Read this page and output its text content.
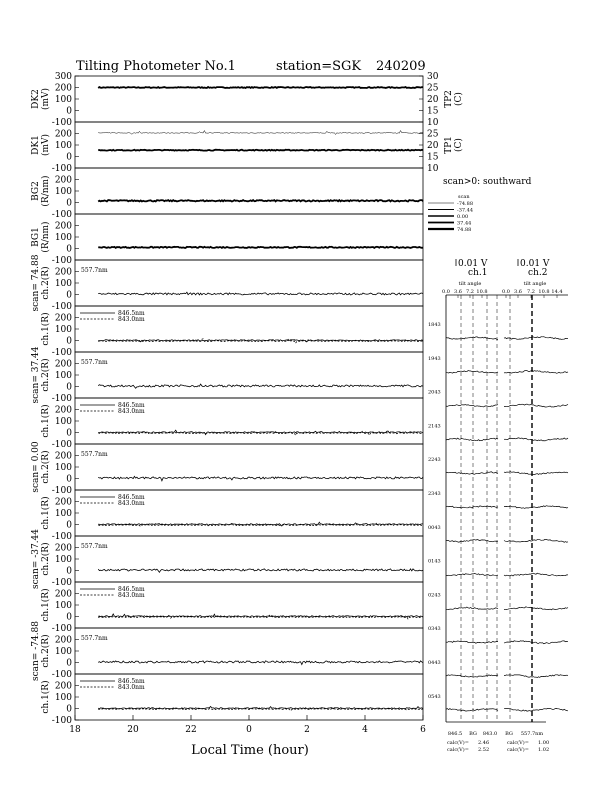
Tilting Photometer No.1	station=SGK 240209
300
200
100
0
-100
30
25
20
15
10
TP2 (C)
DK2 (mV)
200
100
0
-100
25
20
15
10
TP1 (C)
DK1 (mV)
200
100
0
-100
BG2 (R/nm)
200
100
0
-100
BG1 (R/nm)
200
100
0
-100
scan= 74.88 ch.2(R)	557.7nm
200
100
0
-100
ch.1(R)	846.5nm
843.0nm
200
100
0
-100
scan= 37.44 ch.2(R)	557.7nm
200
100
0
-100
ch.1(R)	846.5nm
843.0nm
200
100
0
-100
scan= 0.00 ch.2(R)	557.7nm
200
100
0
-100
ch.1(R)	846.5nm
843.0nm
200
100
0
-100
scan= -37.44 ch.2(R)	557.7nm
200
100
0
-100
ch.1(R)	846.5nm
843.0nm
200
100
0
-100
scan= -74.88 ch.2(R)	557.7nm
200
100
0
-100
ch.1(R)	846.5nm
843.0nm
18	20	22	0	2	4	6
Local Time (hour)
scan>0: southward
scan
-74.88
-37.44
0.00
37.44
74.88
0.01 V	0.01 V
ch.1	ch.2
tilt angle	tilt angle
0.0 3.6 7.2 10.8	0.0 3.6 7.2 10.8 14.4
1843
1943
2043
2143
2243
2343
0043
0143
0243
0343
0443
0543
846.5 BG 843.0 BG 557.7nm
calc(V)= 2.46	calc(V)= 1.00
calc(V)= 2.52	calc(V)= 1.02
